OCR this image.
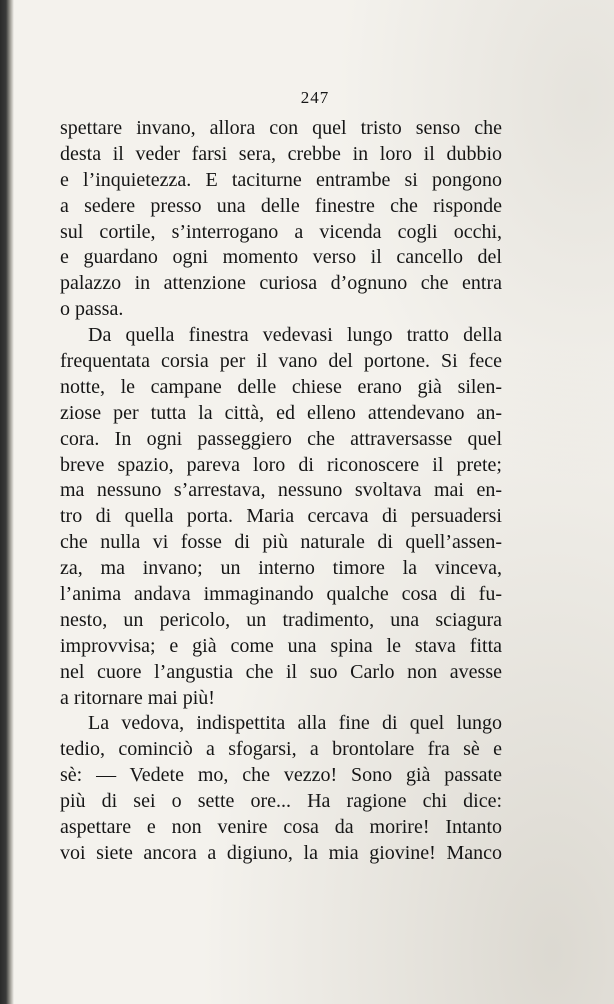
247
spettare invano, allora con quel tristo senso che
desta il veder farsi sera, crebbe in loro il dubbio
e l’inquietezza. E taciturne entrambe si pongono
a sedere presso una delle finestre che risponde
sul cortile, s’interrogano a vicenda cogli occhi,
e guardano ogni momento verso il cancello del
palazzo in attenzione curiosa d’ognuno che entra
o passa.
Da quella finestra vedevasi lungo tratto della
frequentata corsia per il vano del portone. Si fece
notte, le campane delle chiese erano già silen-
ziose per tutta la città, ed elleno attendevano an-
cora. In ogni passeggiero che attraversasse quel
breve spazio, pareva loro di riconoscere il prete;
ma nessuno s’arrestava, nessuno svoltava mai en-
tro di quella porta. Maria cercava di persuadersi
che nulla vi fosse di più naturale di quell’assen-
za, ma invano; un interno timore la vinceva,
l’anima andava immaginando qualche cosa di fu-
nesto, un pericolo, un tradimento, una sciagura
improvvisa; e già come una spina le stava fitta
nel cuore l’angustia che il suo Carlo non avesse
a ritornare mai più!
La vedova, indispettita alla fine di quel lungo
tedio, cominciò a sfogarsi, a brontolare fra sè e
sè: — Vedete mo, che vezzo! Sono già passate
più di sei o sette ore... Ha ragione chi dice:
aspettare e non venire cosa da morire! Intanto
voi siete ancora a digiuno, la mia giovine! Manco
